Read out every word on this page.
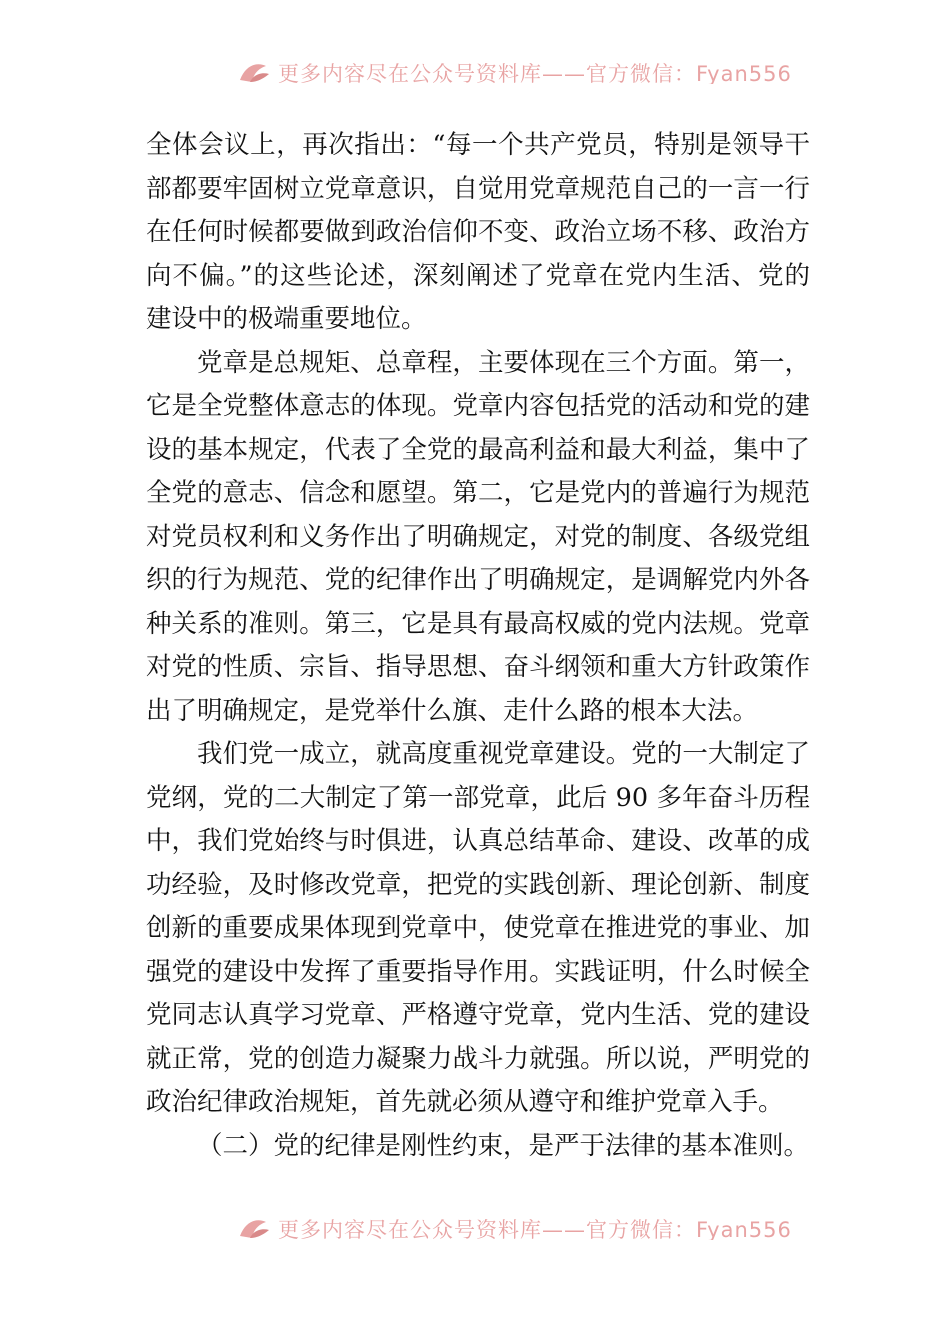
更多内容尽在公众号资料库——官方微信：Fyan556
全体会议上，再次指出：“每一个共产党员，特别是领导干
部都要牢固树立党章意识，自觉用党章规范自己的一言一行
在任何时候都要做到政治信仰不变、政治立场不移、政治方
向不偏。”的这些论述，深刻阐述了党章在党内生活、党的
建设中的极端重要地位。
党章是总规矩、总章程，主要体现在三个方面。第一，
它是全党整体意志的体现。党章内容包括党的活动和党的建
设的基本规定，代表了全党的最高利益和最大利益，集中了
全党的意志、信念和愿望。第二，它是党内的普遍行为规范
对党员权利和义务作出了明确规定，对党的制度、各级党组
织的行为规范、党的纪律作出了明确规定，是调解党内外各
种关系的准则。第三，它是具有最高权威的党内法规。党章
对党的性质、宗旨、指导思想、奋斗纲领和重大方针政策作
出了明确规定，是党举什么旗、走什么路的根本大法。
我们党一成立，就高度重视党章建设。党的一大制定了
党纲，党的二大制定了第一部党章，此后 90 多年奋斗历程
中，我们党始终与时俱进，认真总结革命、建设、改革的成
功经验，及时修改党章，把党的实践创新、理论创新、制度
创新的重要成果体现到党章中，使党章在推进党的事业、加
强党的建设中发挥了重要指导作用。实践证明，什么时候全
党同志认真学习党章、严格遵守党章，党内生活、党的建设
就正常，党的创造力凝聚力战斗力就强。所以说，严明党的
政治纪律政治规矩，首先就必须从遵守和维护党章入手。
（二）党的纪律是刚性约束，是严于法律的基本准则。
更多内容尽在公众号资料库——官方微信：Fyan556
